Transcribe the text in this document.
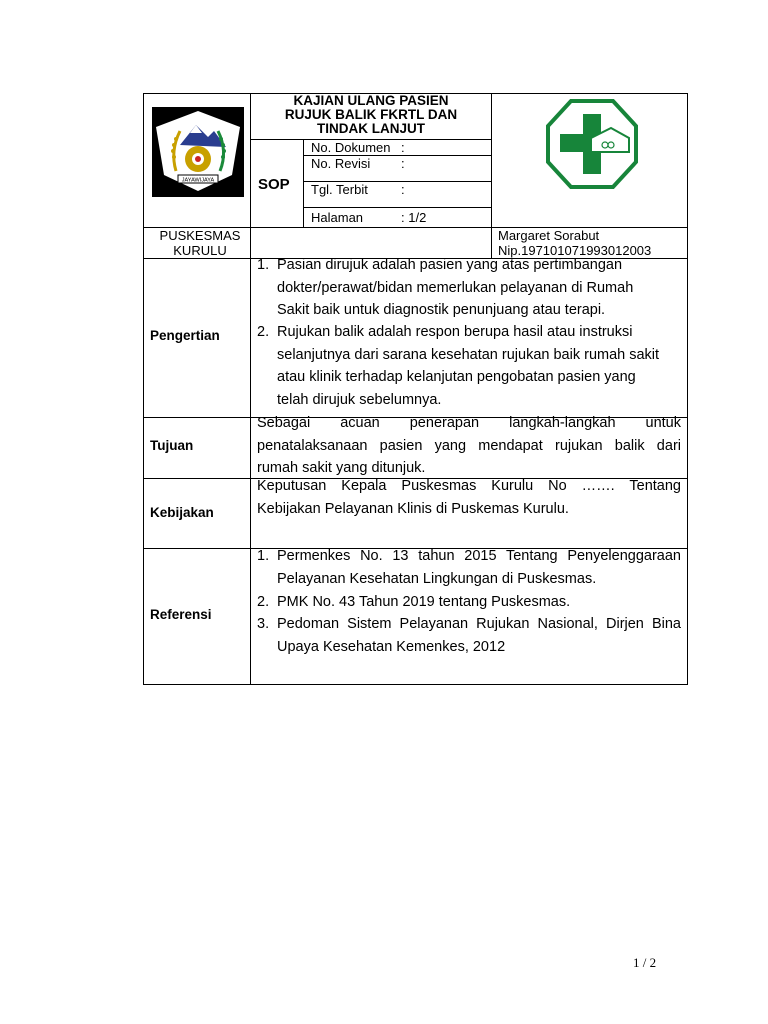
JAYAWIJAYA
KAJIAN ULANG PASIEN
RUJUK BALIK FKRTL DAN
TINDAK LANJUT
SOP
No. Dokumen :
No. Revisi :
Tgl. Terbit	:
Halaman	: 1/2
PUSKESMAS
KURULU
Margaret Sorabut
Nip.197101071993012003
Pengertian
1. Pasian dirujuk adalah pasien yang atas pertimbangan
dokter/perawat/bidan memerlukan pelayanan di Rumah
Sakit baik untuk diagnostik penunjuang atau terapi.
2. Rujukan balik adalah respon berupa hasil atau instruksi
selanjutnya dari sarana kesehatan rujukan baik rumah sakit
atau klinik terhadap kelanjutan pengobatan pasien yang
telah dirujuk sebelumnya.
Tujuan
Sebagai acuan penerapan langkah-langkah untuk
penatalaksanaan pasien yang mendapat rujukan balik dari
rumah sakit yang ditunjuk.
Kebijakan
Keputusan Kepala Puskesmas Kurulu No ……. Tentang
Kebijakan Pelayanan Klinis di Puskemas Kurulu.
Referensi
1. Permenkes No. 13 tahun 2015 Tentang Penyelenggaraan
Pelayanan Kesehatan Lingkungan di Puskesmas.
2. PMK No. 43 Tahun 2019 tentang Puskesmas.
3. Pedoman Sistem Pelayanan Rujukan Nasional, Dirjen Bina
Upaya Kesehatan Kemenkes, 2012
1 / 2
